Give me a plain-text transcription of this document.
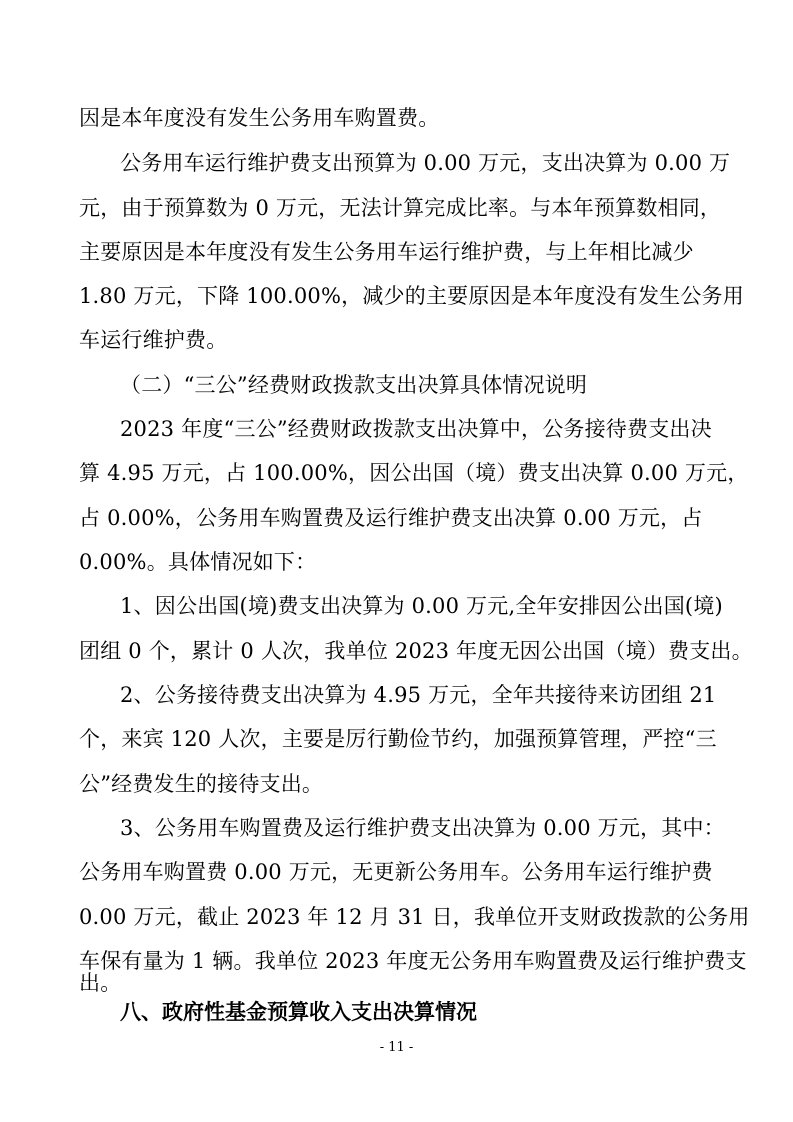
因是本年度没有发生公务用车购置费。
公务用车运行维护费支出预算为 0.00 万元，支出决算为 0.00 万
元，由于预算数为 0 万元，无法计算完成比率。与本年预算数相同，
主要原因是本年度没有发生公务用车运行维护费，与上年相比减少
1.80 万元，下降 100.00%，减少的主要原因是本年度没有发生公务用
车运行维护费。
（二）“三公”经费财政拨款支出决算具体情况说明
2023 年度“三公”经费财政拨款支出决算中，公务接待费支出决
算 4.95 万元，占 100.00%，因公出国（境）费支出决算 0.00 万元，
占 0.00%，公务用车购置费及运行维护费支出决算 0.00 万元，占
0.00%。具体情况如下：
1、因公出国(境)费支出决算为 0.00 万元,全年安排因公出国(境)
团组 0 个，累计 0 人次，我单位 2023 年度无因公出国（境）费支出。
2、公务接待费支出决算为 4.95 万元，全年共接待来访团组 21
个，来宾 120 人次，主要是厉行勤俭节约，加强预算管理，严控“三
公”经费发生的接待支出。
3、公务用车购置费及运行维护费支出决算为 0.00 万元，其中：
公务用车购置费 0.00 万元，无更新公务用车。公务用车运行维护费
0.00 万元，截止 2023 年 12 月 31 日，我单位开支财政拨款的公务用
车保有量为 1 辆。我单位 2023 年度无公务用车购置费及运行维护费支
出。
八、政府性基金预算收入支出决算情况
- 11 -
